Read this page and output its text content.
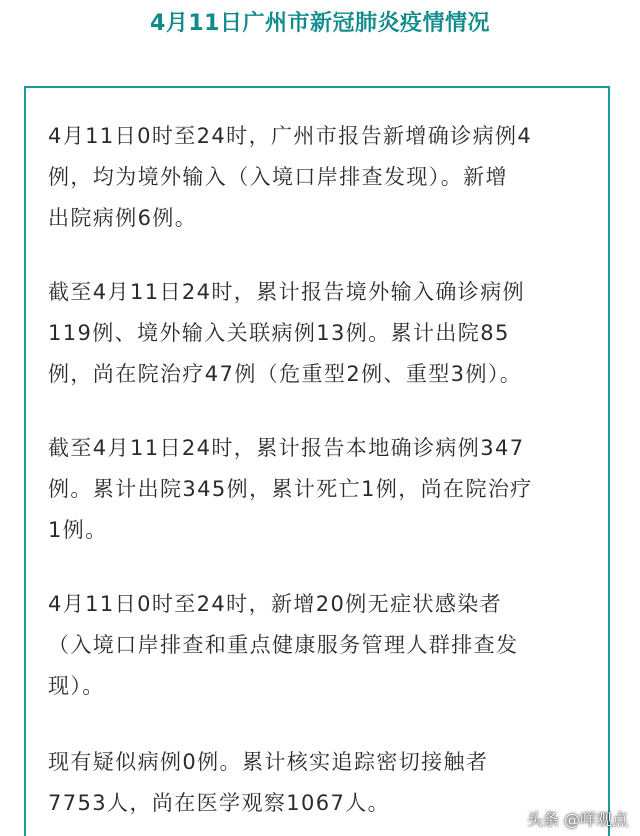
4月11日广州市新冠肺炎疫情情况

4月11日0时至24时，广州市报告新增确诊病例4
例，均为境外输入（入境口岸排查发现）。新增
出院病例6例。

截至4月11日24时，累计报告境外输入确诊病例
119例、境外输入关联病例13例。累计出院85
例，尚在院治疗47例（危重型2例、重型3例）。

截至4月11日24时，累计报告本地确诊病例347
例。累计出院345例，累计死亡1例，尚在院治疗
1例。

4月11日0时至24时，新增20例无症状感染者
（入境口岸排查和重点健康服务管理人群排查发
现）。

现有疑似病例0例。累计核实追踪密切接触者
7753人，尚在医学观察1067人。

头条 @咩观点
